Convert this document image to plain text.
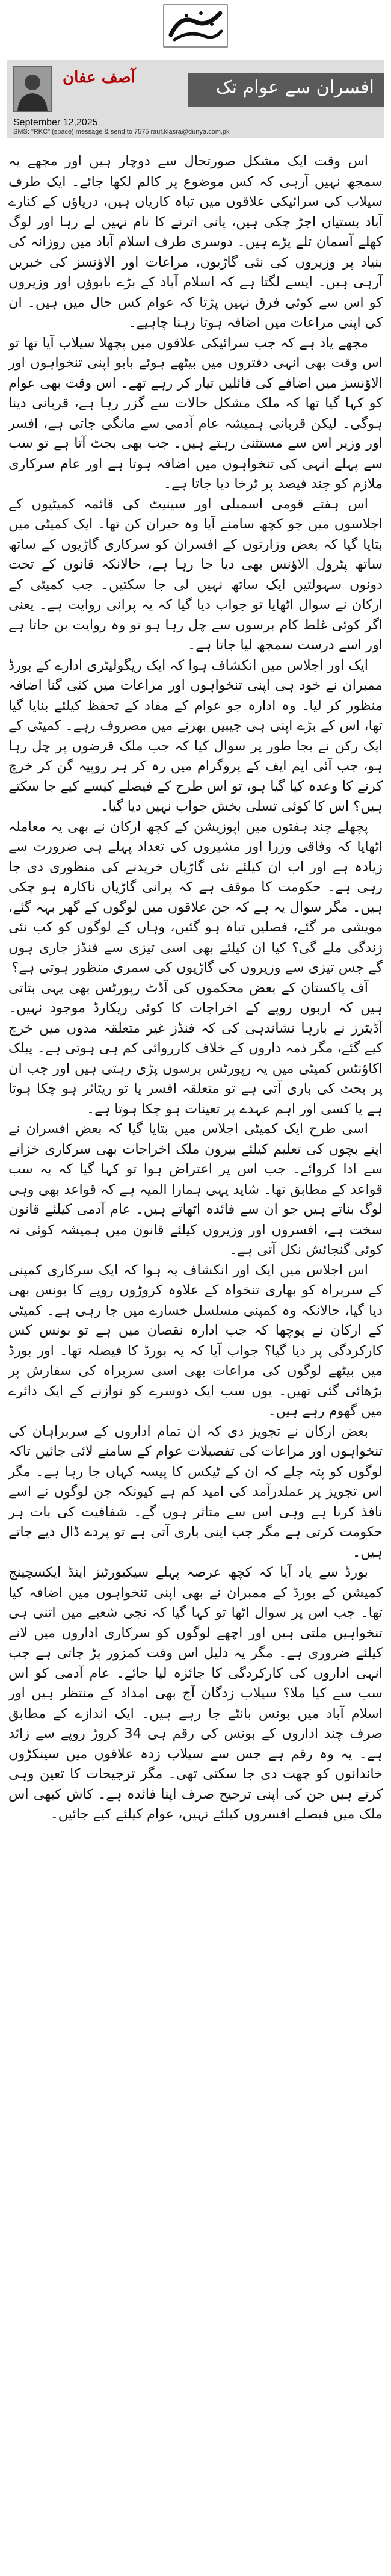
آصف عفان	افسران سے عوام تک
September 12,2025
SMS: "RKC" (space) message & send to 7575 rauf.klasra@dunya.com.pk

اس وقت ایک مشکل صورتحال سے دوچار ہیں اور مجھے یہ سمجھ نہیں آرہی کہ کس موضوع پر کالم لکھا جائے۔ ایک طرف سیلاب کی سرائیکی علاقوں میں تباہ کاریاں ہیں، دریاؤں کے کنارے آباد بستیاں اجڑ چکی ہیں، پانی اترنے کا نام نہیں لے رہا اور لوگ کھلے آسمان تلے پڑے ہیں۔ دوسری طرف اسلام آباد میں روزانہ کی بنیاد پر وزیروں کی نئی گاڑیوں، مراعات اور الاؤنسز کی خبریں آرہی ہیں۔ ایسے لگتا ہے کہ اسلام آباد کے بڑے بابوؤں اور وزیروں کو اس سے کوئی فرق نہیں پڑتا کہ عوام کس حال میں ہیں۔ ان کی اپنی مراعات میں اضافہ ہوتا رہنا چاہیے۔

مجھے یاد ہے کہ جب سرائیکی علاقوں میں پچھلا سیلاب آیا تھا تو اس وقت بھی انہی دفتروں میں بیٹھے ہوئے بابو اپنی تنخواہوں اور الاؤنسز میں اضافے کی فائلیں تیار کر رہے تھے۔ اس وقت بھی عوام کو کہا گیا تھا کہ ملک مشکل حالات سے گزر رہا ہے، قربانی دینا ہوگی۔ لیکن قربانی ہمیشہ عام آدمی سے مانگی جاتی ہے، افسر اور وزیر اس سے مستثنیٰ رہتے ہیں۔ جب بھی بجٹ آتا ہے تو سب سے پہلے انہی کی تنخواہوں میں اضافہ ہوتا ہے اور عام سرکاری ملازم کو چند فیصد پر ٹرخا دیا جاتا ہے۔

اس ہفتے قومی اسمبلی اور سینیٹ کی قائمہ کمیٹیوں کے اجلاسوں میں جو کچھ سامنے آیا وہ حیران کن تھا۔ ایک کمیٹی میں بتایا گیا کہ بعض وزارتوں کے افسران کو سرکاری گاڑیوں کے ساتھ ساتھ پٹرول الاؤنس بھی دیا جا رہا ہے، حالانکہ قانون کے تحت دونوں سہولتیں ایک ساتھ نہیں لی جا سکتیں۔ جب کمیٹی کے ارکان نے سوال اٹھایا تو جواب دیا گیا کہ یہ پرانی روایت ہے۔ یعنی اگر کوئی غلط کام برسوں سے چل رہا ہو تو وہ روایت بن جاتا ہے اور اسے درست سمجھ لیا جاتا ہے۔

ایک اور اجلاس میں انکشاف ہوا کہ ایک ریگولیٹری ادارے کے بورڈ ممبران نے خود ہی اپنی تنخواہوں اور مراعات میں کئی گنا اضافہ منظور کر لیا۔ وہ ادارہ جو عوام کے مفاد کے تحفظ کیلئے بنایا گیا تھا، اس کے بڑے اپنی ہی جیبیں بھرنے میں مصروف رہے۔ کمیٹی کے ایک رکن نے بجا طور پر سوال کیا کہ جب ملک قرضوں پر چل رہا ہو، جب آئی ایم ایف کے پروگرام میں رہ کر ہر روپیہ گن کر خرچ کرنے کا وعدہ کیا گیا ہو، تو اس طرح کے فیصلے کیسے کیے جا سکتے ہیں؟ اس کا کوئی تسلی بخش جواب نہیں دیا گیا۔

پچھلے چند ہفتوں میں اپوزیشن کے کچھ ارکان نے بھی یہ معاملہ اٹھایا کہ وفاقی وزرا اور مشیروں کی تعداد پہلے ہی ضرورت سے زیادہ ہے اور اب ان کیلئے نئی گاڑیاں خریدنے کی منظوری دی جا رہی ہے۔ حکومت کا موقف ہے کہ پرانی گاڑیاں ناکارہ ہو چکی ہیں۔ مگر سوال یہ ہے کہ جن علاقوں میں لوگوں کے گھر بہہ گئے، مویشی مر گئے، فصلیں تباہ ہو گئیں، وہاں کے لوگوں کو کب نئی زندگی ملے گی؟ کیا ان کیلئے بھی اسی تیزی سے فنڈز جاری ہوں گے جس تیزی سے وزیروں کی گاڑیوں کی سمری منظور ہوتی ہے؟

آف پاکستان کے بعض محکموں کی آڈٹ رپورٹس بھی یہی بتاتی ہیں کہ اربوں روپے کے اخراجات کا کوئی ریکارڈ موجود نہیں۔ آڈیٹرز نے بارہا نشاندہی کی کہ فنڈز غیر متعلقہ مدوں میں خرچ کیے گئے، مگر ذمہ داروں کے خلاف کارروائی کم ہی ہوتی ہے۔ پبلک اکاؤنٹس کمیٹی میں یہ رپورٹس برسوں پڑی رہتی ہیں اور جب ان پر بحث کی باری آتی ہے تو متعلقہ افسر یا تو ریٹائر ہو چکا ہوتا ہے یا کسی اور اہم عہدے پر تعینات ہو چکا ہوتا ہے۔

اسی طرح ایک کمیٹی اجلاس میں بتایا گیا کہ بعض افسران نے اپنے بچوں کی تعلیم کیلئے بیرون ملک اخراجات بھی سرکاری خزانے سے ادا کروائے۔ جب اس پر اعتراض ہوا تو کہا گیا کہ یہ سب قواعد کے مطابق تھا۔ شاید یہی ہمارا المیہ ہے کہ قواعد بھی وہی لوگ بناتے ہیں جو ان سے فائدہ اٹھاتے ہیں۔ عام آدمی کیلئے قانون سخت ہے، افسروں اور وزیروں کیلئے قانون میں ہمیشہ کوئی نہ کوئی گنجائش نکل آتی ہے۔

اس اجلاس میں ایک اور انکشاف یہ ہوا کہ ایک سرکاری کمپنی کے سربراہ کو بھاری تنخواہ کے علاوہ کروڑوں روپے کا بونس بھی دیا گیا، حالانکہ وہ کمپنی مسلسل خسارے میں جا رہی ہے۔ کمیٹی کے ارکان نے پوچھا کہ جب ادارہ نقصان میں ہے تو بونس کس کارکردگی پر دیا گیا؟ جواب آیا کہ یہ بورڈ کا فیصلہ تھا۔ اور بورڈ میں بیٹھے لوگوں کی مراعات بھی اسی سربراہ کی سفارش پر بڑھائی گئی تھیں۔ یوں سب ایک دوسرے کو نوازنے کے ایک دائرے میں گھوم رہے ہیں۔

بعض ارکان نے تجویز دی کہ ان تمام اداروں کے سربراہان کی تنخواہوں اور مراعات کی تفصیلات عوام کے سامنے لائی جائیں تاکہ لوگوں کو پتہ چلے کہ ان کے ٹیکس کا پیسہ کہاں جا رہا ہے۔ مگر اس تجویز پر عملدرآمد کی امید کم ہے کیونکہ جن لوگوں نے اسے نافذ کرنا ہے وہی اس سے متاثر ہوں گے۔ شفافیت کی بات ہر حکومت کرتی ہے مگر جب اپنی باری آتی ہے تو پردے ڈال دیے جاتے ہیں۔

بورڈ سے یاد آیا کہ کچھ عرصہ پہلے سیکیورٹیز اینڈ ایکسچینج کمیشن کے بورڈ کے ممبران نے بھی اپنی تنخواہوں میں اضافہ کیا تھا۔ جب اس پر سوال اٹھا تو کہا گیا کہ نجی شعبے میں اتنی ہی تنخواہیں ملتی ہیں اور اچھے لوگوں کو سرکاری اداروں میں لانے کیلئے ضروری ہے۔ مگر یہ دلیل اس وقت کمزور پڑ جاتی ہے جب انہی اداروں کی کارکردگی کا جائزہ لیا جائے۔ عام آدمی کو اس سب سے کیا ملا؟ سیلاب زدگان آج بھی امداد کے منتظر ہیں اور اسلام آباد میں بونس بانٹے جا رہے ہیں۔ ایک اندازے کے مطابق صرف چند اداروں کے بونس کی رقم ہی 34 کروڑ روپے سے زائد ہے۔ یہ وہ رقم ہے جس سے سیلاب زدہ علاقوں میں سینکڑوں خاندانوں کو چھت دی جا سکتی تھی۔ مگر ترجیحات کا تعین وہی کرتے ہیں جن کی اپنی ترجیح صرف اپنا فائدہ ہے۔ کاش کبھی اس ملک میں فیصلے افسروں کیلئے نہیں، عوام کیلئے کیے جائیں۔
